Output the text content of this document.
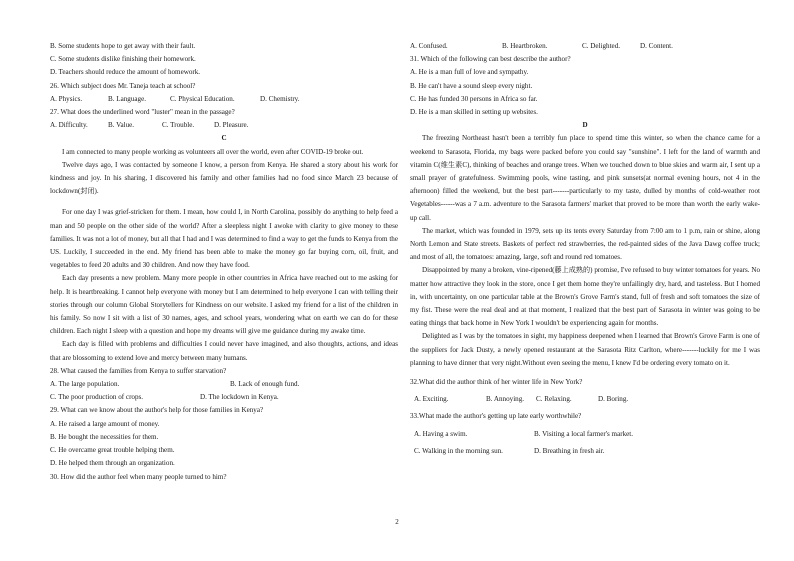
B. Some students hope to get away with their fault.
C. Some students dislike finishing their homework.
D. Teachers should reduce the amount of homework.
26. Which subject does Mr. Taneja teach at school?
A. Physics.	B. Language.	C. Physical Education.	D. Chemistry.
27. What does the underlined word "luster" mean in the passage?
A. Difficulty.	B. Value.	C. Trouble.	D. Pleasure.
C

I am connected to many people working as volunteers all over the world, even after COVID-19 broke out.

Twelve days ago, I was contacted by someone I know, a person from Kenya. He shared a story about his work for kindness and joy. In his sharing, I discovered his family and other families had no food since March 23 because of lockdown(封闭).

For one day I was grief-stricken for them. I mean, how could I, in North Carolina, possibly do anything to help feed a man and 50 people on the other side of the world? After a sleepless night I awoke with clarity to give money to these families. It was not a lot of money, but all that I had and I was determined to find a way to get the funds to Kenya from the US. Luckily, I succeeded in the end. My friend has been able to make the money go far buying corn, oil, fruit, and vegetables to feed 20 adults and 30 children. And now they have food.

Each day presents a new problem. Many more people in other countries in Africa have reached out to me asking for help. It is heartbreaking. I cannot help everyone with money but I am determined to help everyone I can with telling their stories through our column Global Storytellers for Kindness on our website. I asked my friend for a list of the children in his family. So now I sit with a list of 30 names, ages, and school years, wondering what on earth we can do for these children. Each night I sleep with a question and hope my dreams will give me guidance during my awake time.

Each day is filled with problems and difficulties I could never have imagined, and also thoughts, actions, and ideas that are blossoming to extend love and mercy between many humans.

28. What caused the families from Kenya to suffer starvation?
A. The large population.	B. Lack of enough fund.
C. The poor production of crops.	D. The lockdown in Kenya.
29. What can we know about the author's help for those families in Kenya?
A. He raised a large amount of money.
B. He bought the necessities for them.
C. He overcame great trouble helping them.
D. He helped them through an organization.
30. How did the author feel when many people turned to him?
A. Confused.	B. Heartbroken.	C. Delighted.	D. Content.
31. Which of the following can best describe the author?
A. He is a man full of love and sympathy.
B. He can't have a sound sleep every night.
C. He has funded 30 persons in Africa so far.
D. He is a man skilled in setting up websites.
D

The freezing Northeast hasn't been a terribly fun place to spend time this winter, so when the chance came for a weekend to Sarasota, Florida, my bags were packed before you could say "sunshine". I left for the land of warmth and vitamin C(维生素C), thinking of beaches and orange trees. When we touched down to blue skies and warm air, I sent up a small prayer of gratefulness. Swimming pools, wine tasting, and pink sunsets(at normal evening hours, not 4 in the afternoon) filled the weekend, but the best part-------particularly to my taste, dulled by months of cold-weather root Vegetables------was a 7 a.m. adventure to the Sarasota farmers' market that proved to be more than worth the early wake-up call.

The market, which was founded in 1979, sets up its tents every Saturday from 7:00 am to 1 p.m, rain or shine, along North Lemon and State streets. Baskets of perfect red strawberries, the red-painted sides of the Java Dawg coffee truck; and most of all, the tomatoes: amazing, large, soft and round red tomatoes.

Disappointed by many a broken, vine-ripened(藤上成熟的) promise, I've refused to buy winter tomatoes for years. No matter how attractive they look in the store, once I get them home they're unfailingly dry, hard, and tasteless. But I homed in, with uncertainty, on one particular table at the Brown's Grove Farm's stand, full of fresh and soft tomatoes the size of my fist. These were the real deal and at that moment, I realized that the best part of Sarasota in winter was going to be eating things that back home in New York I wouldn't be experiencing again for months.

Delighted as I was by the tomatoes in sight, my happiness deepened when I learned that Brown's Grove Farm is one of the suppliers for Jack Dusty, a newly opened restaurant at the Sarasota Ritz Carlton, where-------luckily for me I was planning to have dinner that very night.Without even seeing the menu, I knew I'd be ordering every tomato on it.

32.What did the author think of her winter life in New York?
A. Exciting.	B. Annoying. C. Relaxing.	D. Boring.
33.What made the author's getting up late early worthwhile?
A. Having a swim.	B. Visiting a local farmer's market.
C. Walking in the morning sun.	D. Breathing in fresh air.
2
